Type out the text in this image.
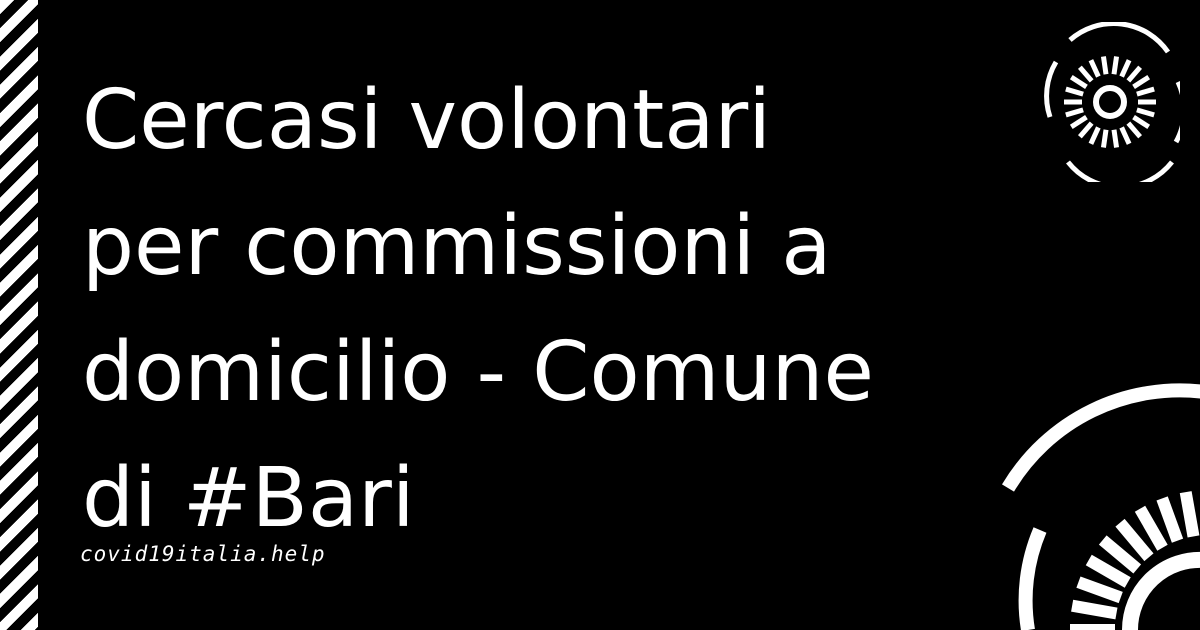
Cercasi volontari
per commissioni a
domicilio - Comune
di #Bari
covid19italia.help
